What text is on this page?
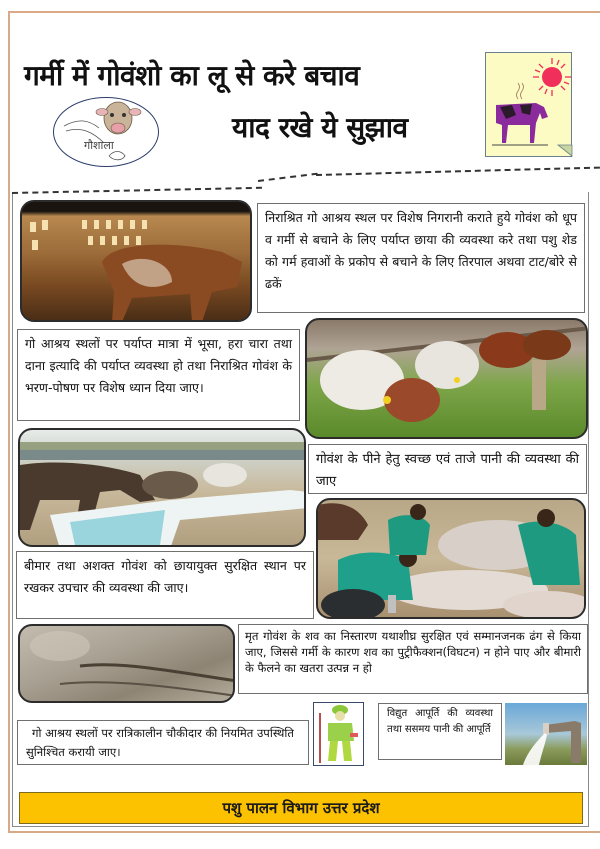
गर्मी में गोवंशो का लू से करे बचाव
याद रखे ये सुझाव
गौशाला
निराश्रित गो आश्रय स्थल पर विशेष निगरानी कराते हुये गोवंश को धूप व गर्मी से बचाने के लिए पर्याप्त छाया की व्यवस्था करे तथा पशु शेड को गर्म हवाओं के प्रकोप से बचाने के लिए तिरपाल अथवा टाट/बोरे से ढकें
गो आश्रय स्थलों पर पर्याप्त मात्रा में भूसा, हरा चारा तथा दाना इत्यादि की पर्याप्त व्यवस्था हो तथा निराश्रित गोवंश के भरण-पोषण पर विशेष ध्यान दिया जाए।
गोवंश के पीने हेतु स्वच्छ एवं ताजे पानी की व्यवस्था की जाए
बीमार तथा अशक्त गोवंश को छायायुक्त सुरक्षित स्थान पर रखकर उपचार की व्यवस्था की जाए।
मृत गोवंश के शव का निस्तारण यथाशीघ्र सुरक्षित एवं सम्मानजनक ढंग से किया जाए, जिससे गर्मी के कारण शव का पुट्रीफैक्शन(विघटन) न होने पाए और बीमारी के फैलने का खतरा उत्पन्न न हो
गो आश्रय स्थलों पर रात्रिकालीन चौकीदार की नियमित उपस्थिति सुनिश्चित करायी जाए।
विद्युत आपूर्ति की व्यवस्था तथा ससमय पानी की आपूर्ति
पशु पालन विभाग उत्तर प्रदेश
